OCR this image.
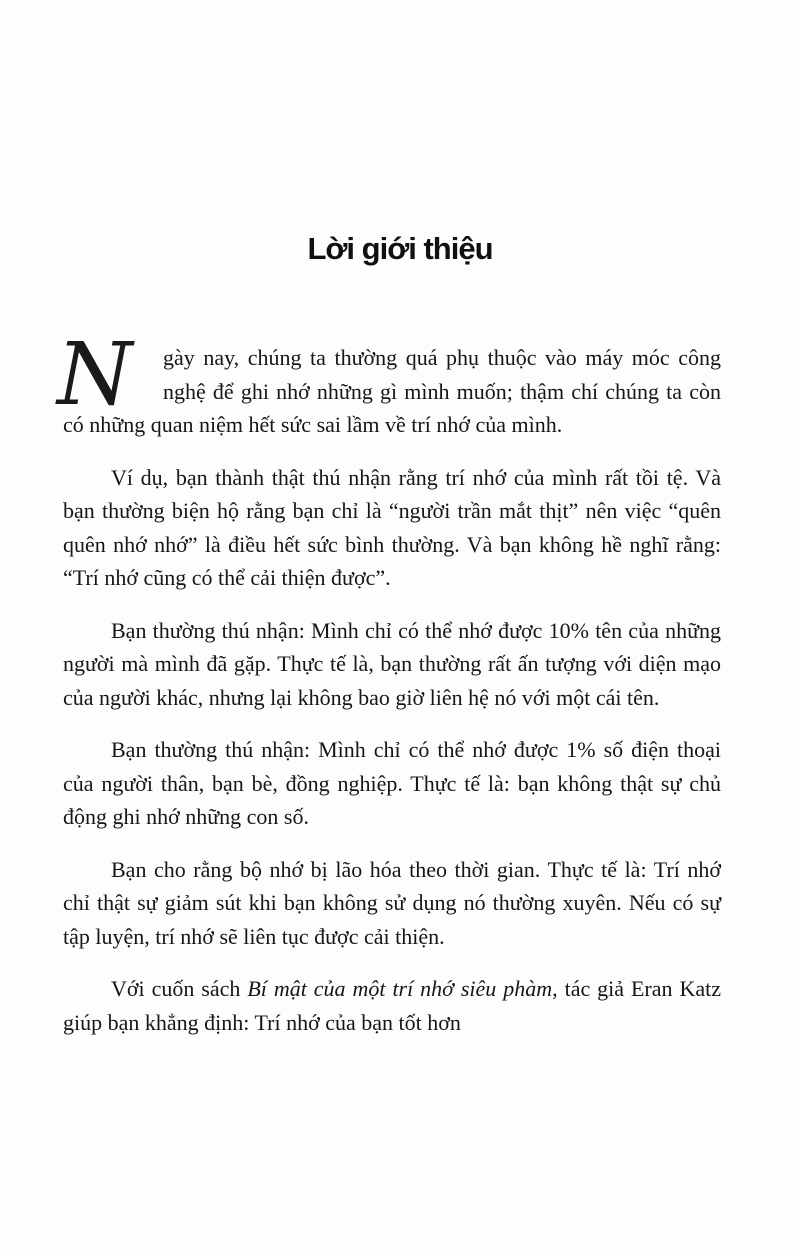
Lời giới thiệu

N	gày nay, chúng ta thường quá phụ thuộc vào máy móc công nghệ để ghi nhớ những gì mình muốn; thậm chí chúng ta còn có những quan niệm hết sức sai lầm về trí nhớ của mình.

Ví dụ, bạn thành thật thú nhận rằng trí nhớ của mình rất tồi tệ. Và bạn thường biện hộ rằng bạn chỉ là “người trần mắt thịt” nên việc “quên quên nhớ nhớ” là điều hết sức bình thường. Và bạn không hề nghĩ rằng: “Trí nhớ cũng có thể cải thiện được”.

Bạn thường thú nhận: Mình chỉ có thể nhớ được 10% tên của những người mà mình đã gặp. Thực tế là, bạn thường rất ấn tượng với diện mạo của người khác, nhưng lại không bao giờ liên hệ nó với một cái tên.

Bạn thường thú nhận: Mình chỉ có thể nhớ được 1% số điện thoại của người thân, bạn bè, đồng nghiệp. Thực tế là: bạn không thật sự chủ động ghi nhớ những con số.

Bạn cho rằng bộ nhớ bị lão hóa theo thời gian. Thực tế là: Trí nhớ chỉ thật sự giảm sút khi bạn không sử dụng nó thường xuyên. Nếu có sự tập luyện, trí nhớ sẽ liên tục được cải thiện.

Với cuốn sách Bí mật của một trí nhớ siêu phàm, tác giả Eran Katz giúp bạn khẳng định: Trí nhớ của bạn tốt hơn
